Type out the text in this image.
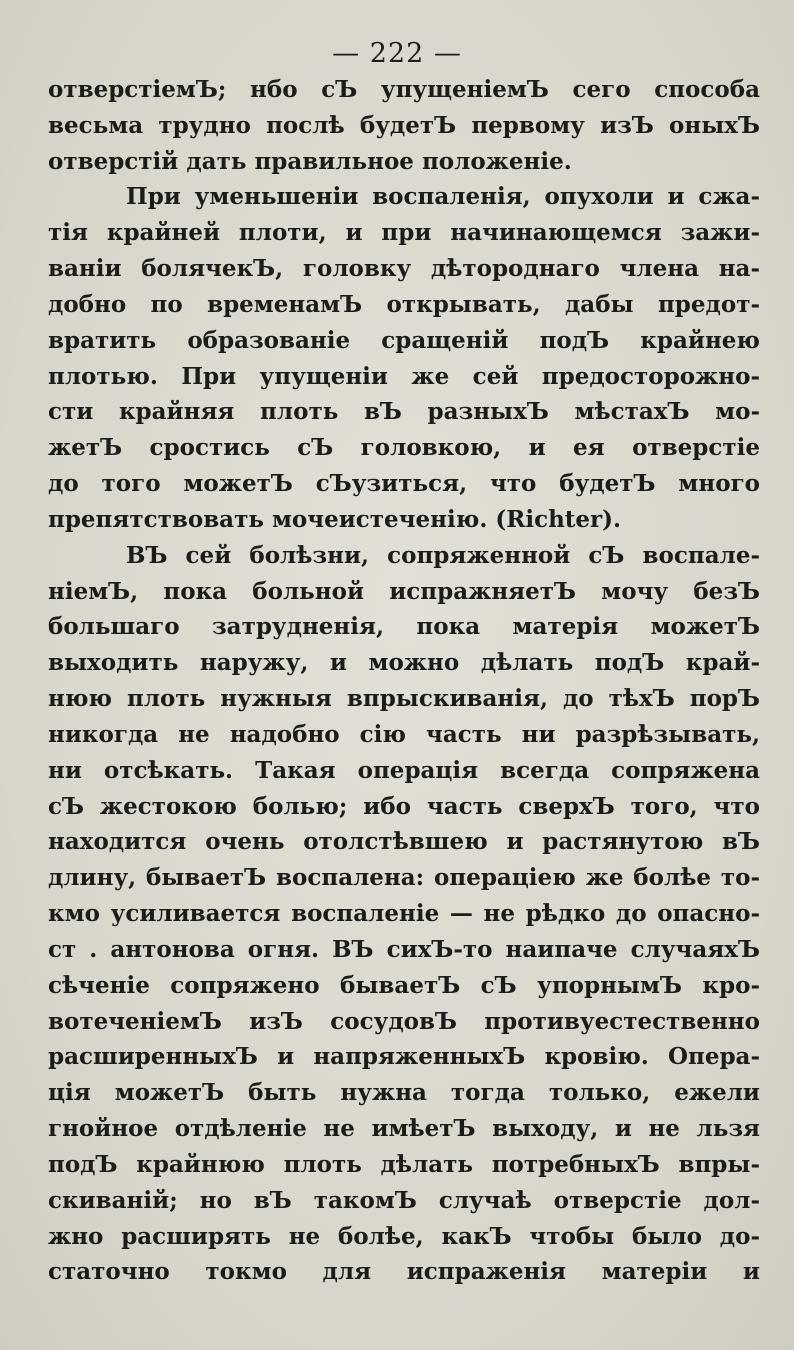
— 222 —
отверстіемЪ; нбо сЪ упущеніемЪ сего способа
весьма трудно послѣ будетЪ первому изЪ оныхЪ
отверстій дать правильное положеніе.
При уменьшеніи воспаленія, опухоли и сжа-
тія крайней плоти, и при начинающемся зажи-
ваніи болячекЪ, головку дѣтороднаго члена на-
добно по временамЪ открывать, дабы предот-
вратить образованіе сращеній подЪ крайнею
плотью. При упущеніи же сей предосторожно-
сти крайняя плоть вЪ разныхЪ мѣстахЪ мо-
жетЪ сростись сЪ головкою, и ея отверстіе
до того можетЪ сЪузиться, что будетЪ много
препятствовать мочеистеченію. (Richter).
ВЪ сей болѣзни, сопряженной сЪ воспале-
ніемЪ, пока больной испражняетЪ мочу безЪ
большаго затрудненія, пока матерія можетЪ
выходить наружу, и можно дѣлать подЪ край-
нюю плоть нужныя впрыскиванія, до тѣхЪ порЪ
никогда не надобно сію часть ни разрѣзывать,
ни отсѣкать. Такая операція всегда сопряжена
сЪ жестокою болью; ибо часть сверхЪ того, что
находится очень отолстѣвшею и растянутою вЪ
длину, бываетЪ воспалена: операціею же болѣе то-
кмо усиливается воспаленіе — не рѣдко до опасно-
ст . антонова огня. ВЪ сихЪ-то наипаче случаяхЪ
сѣченіе сопряжено бываетЪ сЪ упорнымЪ кро-
вотеченіемЪ изЪ сосудовЪ противуестественно
расширенныхЪ и напряженныхЪ кровію. Опера-
ція можетЪ быть нужна тогда только, ежели
гнойное отдѣленіе не имѣетЪ выходу, и не льзя
подЪ крайнюю плоть дѣлать потребныхЪ впры-
скиваній; но вЪ такомЪ случаѣ отверстіе дол-
жно расширять не болѣе, какЪ чтобы было до-
статочно токмо для испраженія матеріи и
